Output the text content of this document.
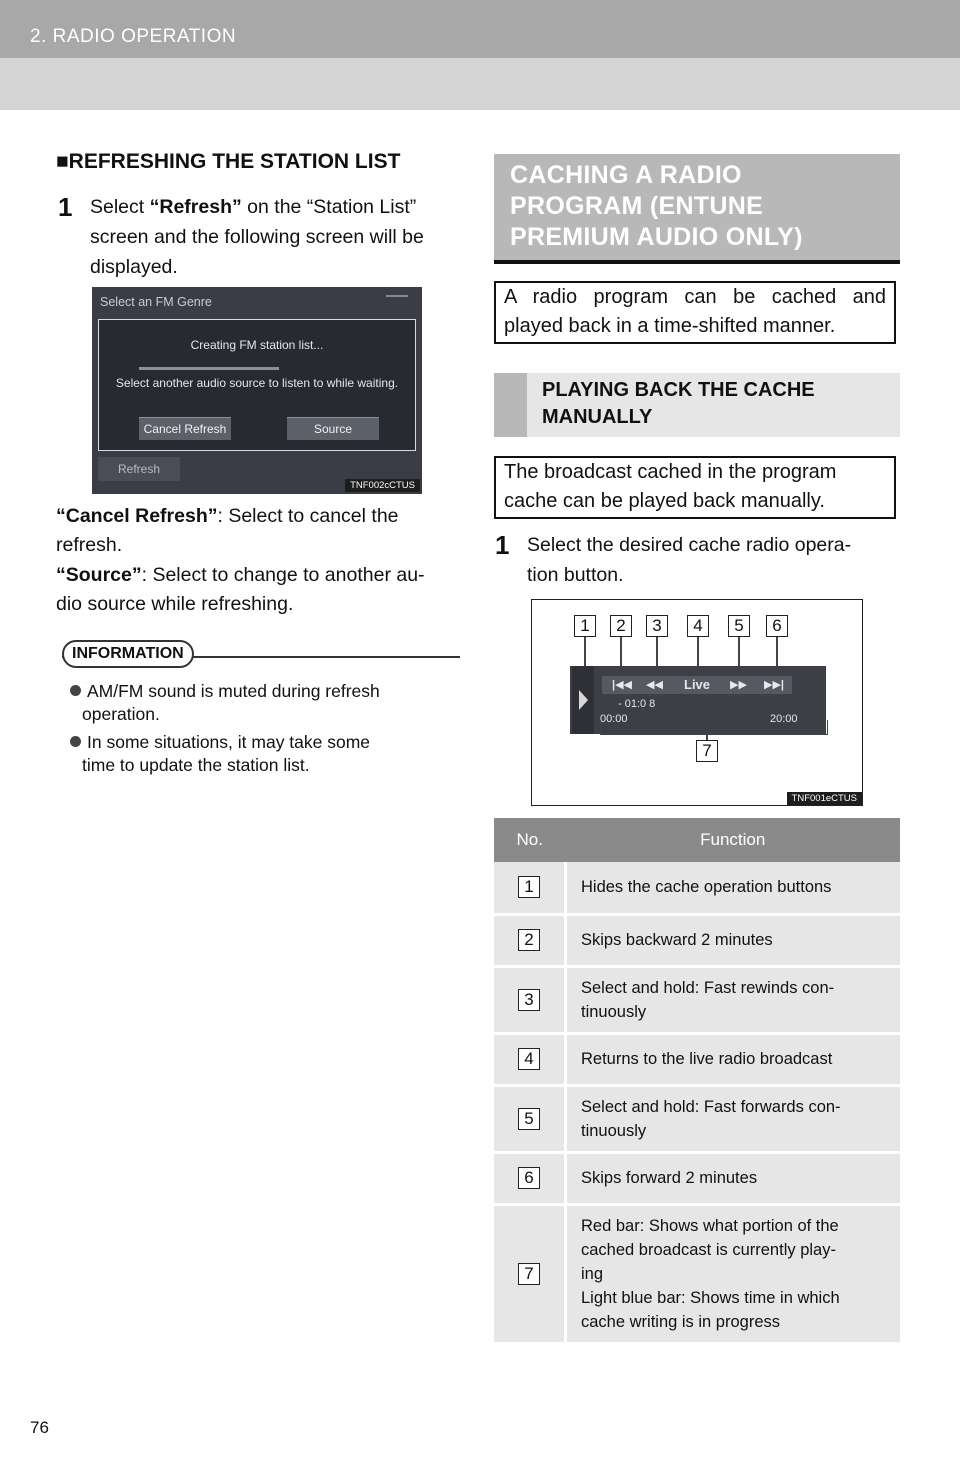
2. RADIO OPERATION
■REFRESHING THE STATION LIST
1 Select “Refresh” on the “Station List”
screen and the following screen will be
displayed.
Select an FM Genre
Creating FM station list...
Select another audio source to listen to while waiting.
Cancel Refresh	Source
Refresh
TNF002cCTUS
“Cancel Refresh”: Select to cancel the
refresh.
“Source”: Select to change to another au-
dio source while refreshing.
INFORMATION
AM/FM sound is muted during refresh
operation.
In some situations, it may take some
time to update the station list.
CACHING A RADIO
PROGRAM (ENTUNE
PREMIUM AUDIO ONLY)
A radio program can be cached and
played back in a time-shifted manner.
PLAYING BACK THE CACHE
MANUALLY
The broadcast cached in the program
cache can be played back manually.
1 Select the desired cache radio opera-
tion button.
1	2	3	4	5	6
|◀◀ ◀◀ Live ▶▶ ▶▶|
- 01:0 8
00:00	20:00
7
TNF001eCTUS
No.	Function
1	Hides the cache operation buttons

2	Skips backward 2 minutes

3	Select and hold: Fast rewinds con-
tinuously

4	Returns to the live radio broadcast

5	Select and hold: Fast forwards con-
tinuously

6	Skips forward 2 minutes

7	Red bar: Shows what portion of the
cached broadcast is currently play-
ing
Light blue bar: Shows time in which
cache writing is in progress
76
